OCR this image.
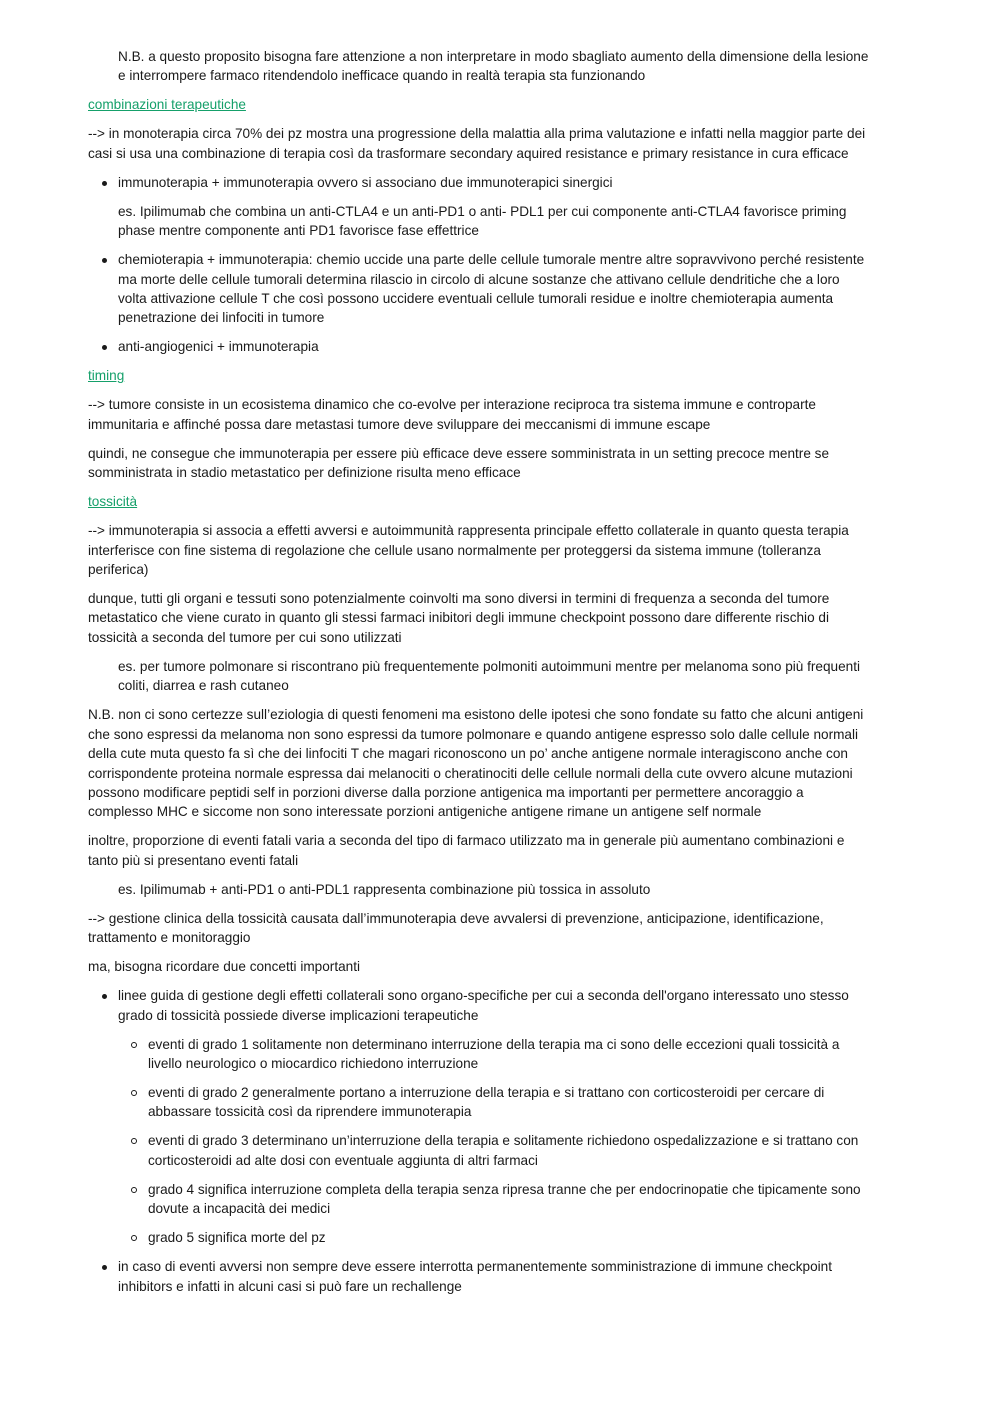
N.B. a questo proposito bisogna fare attenzione a non interpretare in modo sbagliato aumento della dimensione della lesione e interrompere farmaco ritendendolo inefficace quando in realtà terapia sta funzionando

combinazioni terapeutiche

--> in monoterapia circa 70% dei pz mostra una progressione della malattia alla prima valutazione e infatti nella maggior parte dei casi si usa una combinazione di terapia così da trasformare secondary aquired resistance e primary resistance in cura efficace

immunoterapia + immunoterapia ovvero si associano due immunoterapici sinergici

es. Ipilimumab che combina un anti-CTLA4 e un anti-PD1 o anti- PDL1 per cui componente anti-CTLA4 favorisce priming phase mentre componente anti PD1 favorisce fase effettrice

chemioterapia + immunoterapia: chemio uccide una parte delle cellule tumorale mentre altre sopravvivono perché resistente ma morte delle cellule tumorali determina rilascio in circolo di alcune sostanze che attivano cellule dendritiche che a loro volta attivazione cellule T che così possono uccidere eventuali cellule tumorali residue e inoltre chemioterapia aumenta penetrazione dei linfociti in tumore
anti-angiogenici + immunoterapia

timing

--> tumore consiste in un ecosistema dinamico che co-evolve per interazione reciproca tra sistema immune e controparte immunitaria e affinché possa dare metastasi tumore deve sviluppare dei meccanismi di immune escape

quindi, ne consegue che immunoterapia per essere più efficace deve essere somministrata in un setting precoce mentre se somministrata in stadio metastatico per definizione risulta meno efficace

tossicità

--> immunoterapia si associa a effetti avversi e autoimmunità rappresenta principale effetto collaterale in quanto questa terapia interferisce con fine sistema di regolazione che cellule usano normalmente per proteggersi da sistema immune (tolleranza periferica)

dunque, tutti gli organi e tessuti sono potenzialmente coinvolti ma sono diversi in termini di frequenza a seconda del tumore metastatico che viene curato in quanto gli stessi farmaci inibitori degli immune checkpoint possono dare differente rischio di tossicità a seconda del tumore per cui sono utilizzati

es. per tumore polmonare si riscontrano più frequentemente polmoniti autoimmuni mentre per melanoma sono più frequenti coliti, diarrea e rash cutaneo

N.B. non ci sono certezze sull’eziologia di questi fenomeni ma esistono delle ipotesi che sono fondate su fatto che alcuni antigeni che sono espressi da melanoma non sono espressi da tumore polmonare e quando antigene espresso solo dalle cellule normali della cute muta questo fa sì che dei linfociti T che magari riconoscono un po’ anche antigene normale interagiscono anche con corrispondente proteina normale espressa dai melanociti o cheratinociti delle cellule normali della cute ovvero alcune mutazioni possono modificare peptidi self in porzioni diverse dalla porzione antigenica ma importanti per permettere ancoraggio a complesso MHC e siccome non sono interessate porzioni antigeniche antigene rimane un antigene self normale

inoltre, proporzione di eventi fatali varia a seconda del tipo di farmaco utilizzato ma in generale più aumentano combinazioni e tanto più si presentano eventi fatali

es. Ipilimumab + anti-PD1 o anti-PDL1 rappresenta combinazione più tossica in assoluto

--> gestione clinica della tossicità causata dall’immunoterapia deve avvalersi di prevenzione, anticipazione, identificazione, trattamento e monitoraggio

ma, bisogna ricordare due concetti importanti

linee guida di gestione degli effetti collaterali sono organo-specifiche per cui a seconda dell'organo interessato uno stesso grado di tossicità possiede diverse implicazioni terapeutiche
eventi di grado 1 solitamente non determinano interruzione della terapia ma ci sono delle eccezioni quali tossicità a livello neurologico o miocardico richiedono interruzione
eventi di grado 2 generalmente portano a interruzione della terapia e si trattano con corticosteroidi per cercare di abbassare tossicità così da riprendere immunoterapia
eventi di grado 3 determinano un’interruzione della terapia e solitamente richiedono ospedalizzazione e si trattano con corticosteroidi ad alte dosi con eventuale aggiunta di altri farmaci
grado 4 significa interruzione completa della terapia senza ripresa tranne che per endocrinopatie che tipicamente sono dovute a incapacità dei medici
grado 5 significa morte del pz
in caso di eventi avversi non sempre deve essere interrotta permanentemente somministrazione di immune checkpoint inhibitors e infatti in alcuni casi si può fare un rechallenge
